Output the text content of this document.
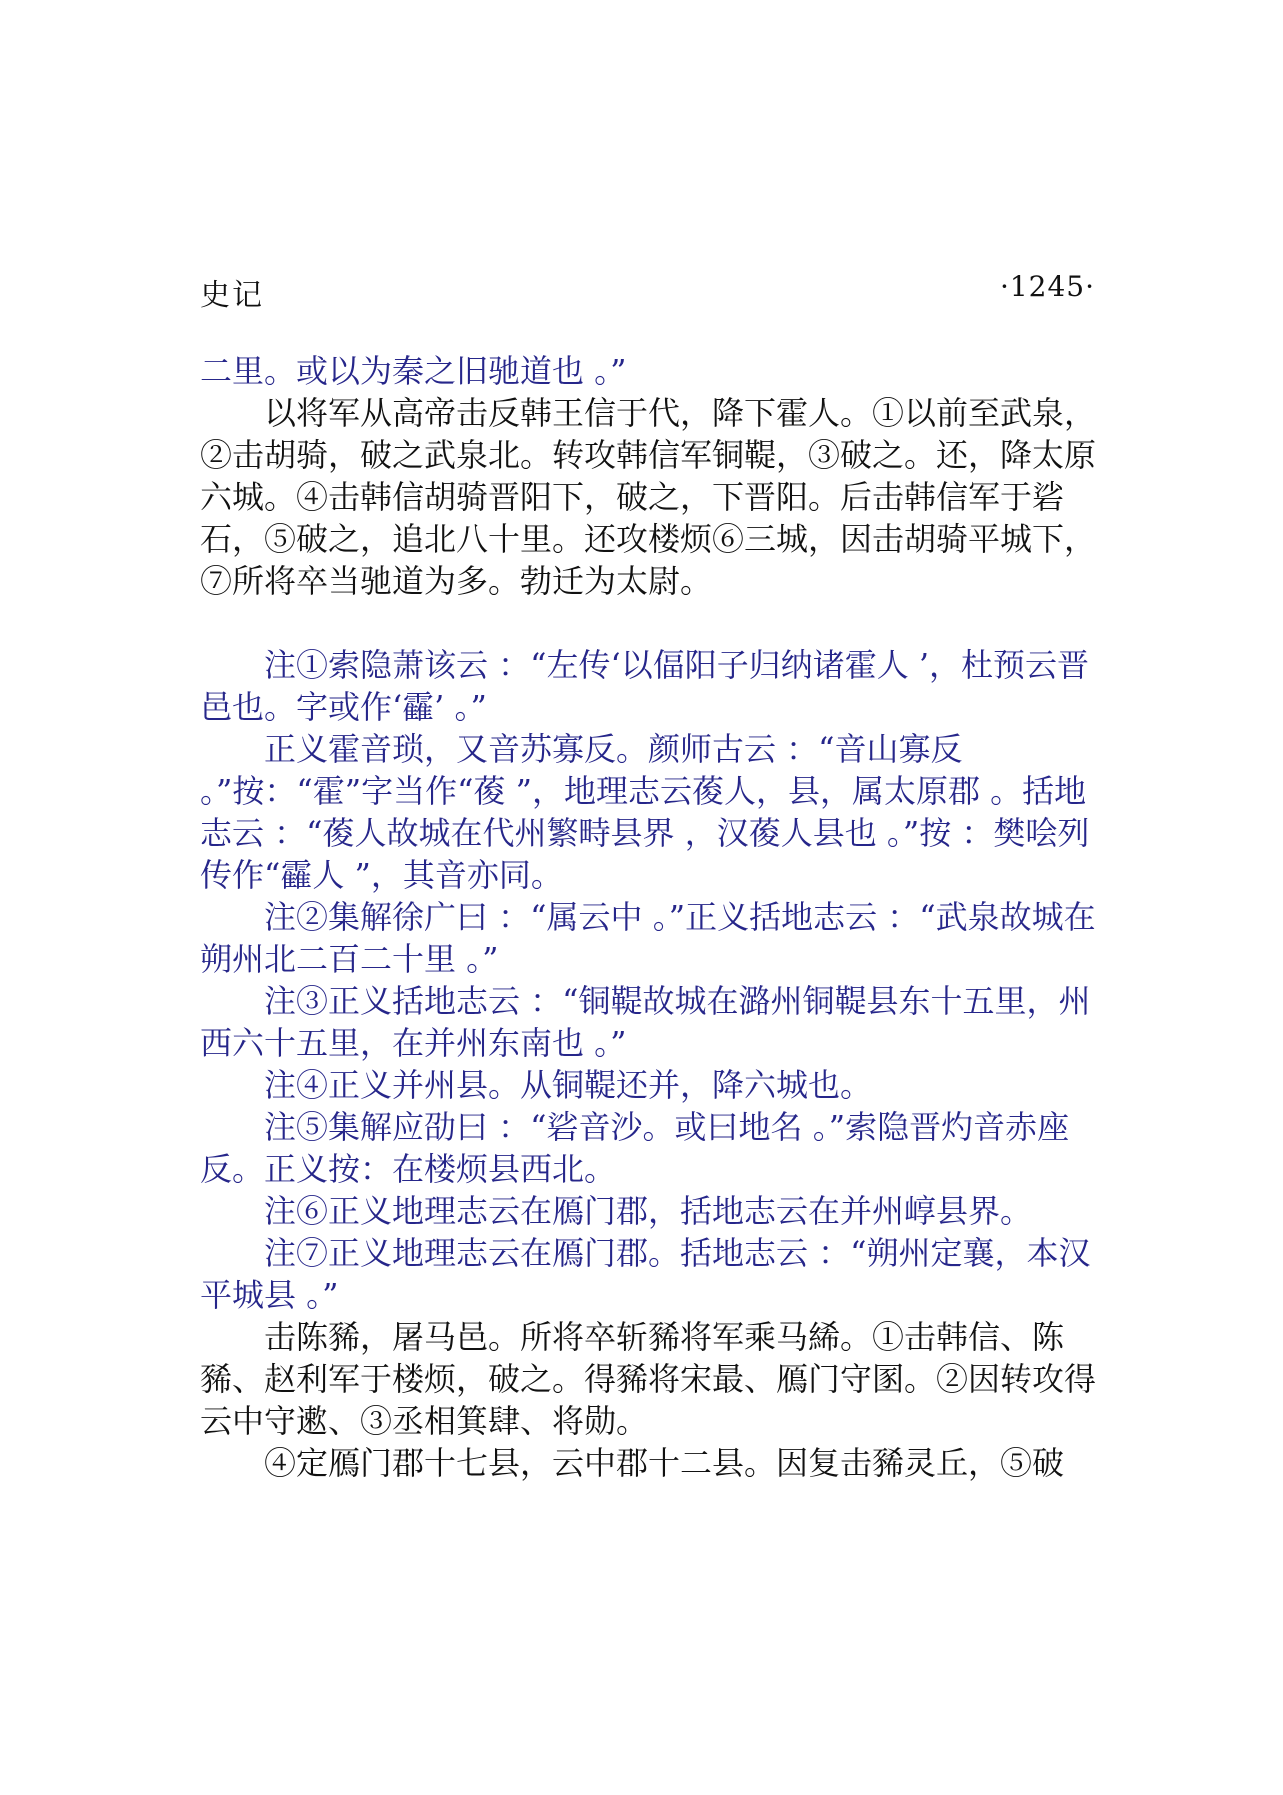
史记	·1245·

二里。或以为秦之旧驰道也 。”

以将军从高帝击反韩王信于代，降下霍人。①以前至武泉，②击胡骑，破之武泉北。转攻韩信军铜鞮，③破之。还，降太原六城。④击韩信胡骑晋阳下，破之，下晋阳。后击韩信军于硰石，⑤破之，追北八十里。还攻楼烦⑥三城，因击胡骑平城下，⑦所将卒当驰道为多。勃迁为太尉。

注①索隐萧该云 ：“左传‘以偪阳子归纳诸霍人 ’，杜预云晋邑也。字或作‘靃’ 。”

正义霍音琐，又音苏寡反。颜师古云 ：“音山寡反 。”按：“霍”字当作“葰 ”，地理志云葰人，县，属太原郡 。括地志云 ：“葰人故城在代州繁畤县界 ，汉葰人县也 。”按 ：樊哙列传作“靃人 ”，其音亦同。

注②集解徐广曰 ：“属云中 。”正义括地志云 ：“武泉故城在朔州北二百二十里 。”

注③正义括地志云 ：“铜鞮故城在潞州铜鞮县东十五里，州西六十五里，在并州东南也 。”

注④正义并州县。从铜鞮还并，降六城也。

注⑤集解应劭曰 ：“硰音沙。或曰地名 。”索隐晋灼音赤座反。正义按：在楼烦县西北。

注⑥正义地理志云在鴈门郡，括地志云在并州崞县界。

注⑦正义地理志云在鴈门郡。括地志云 ：“朔州定襄，本汉平城县 。”

击陈豨，屠马邑。所将卒斩豨将军乘马絺。①击韩信、陈豨、赵利军于楼烦，破之。得豨将宋最、鴈门守圂。②因转攻得云中守遬、③丞相箕肆、将勋。

④定鴈门郡十七县，云中郡十二县。因复击豨灵丘，⑤破
